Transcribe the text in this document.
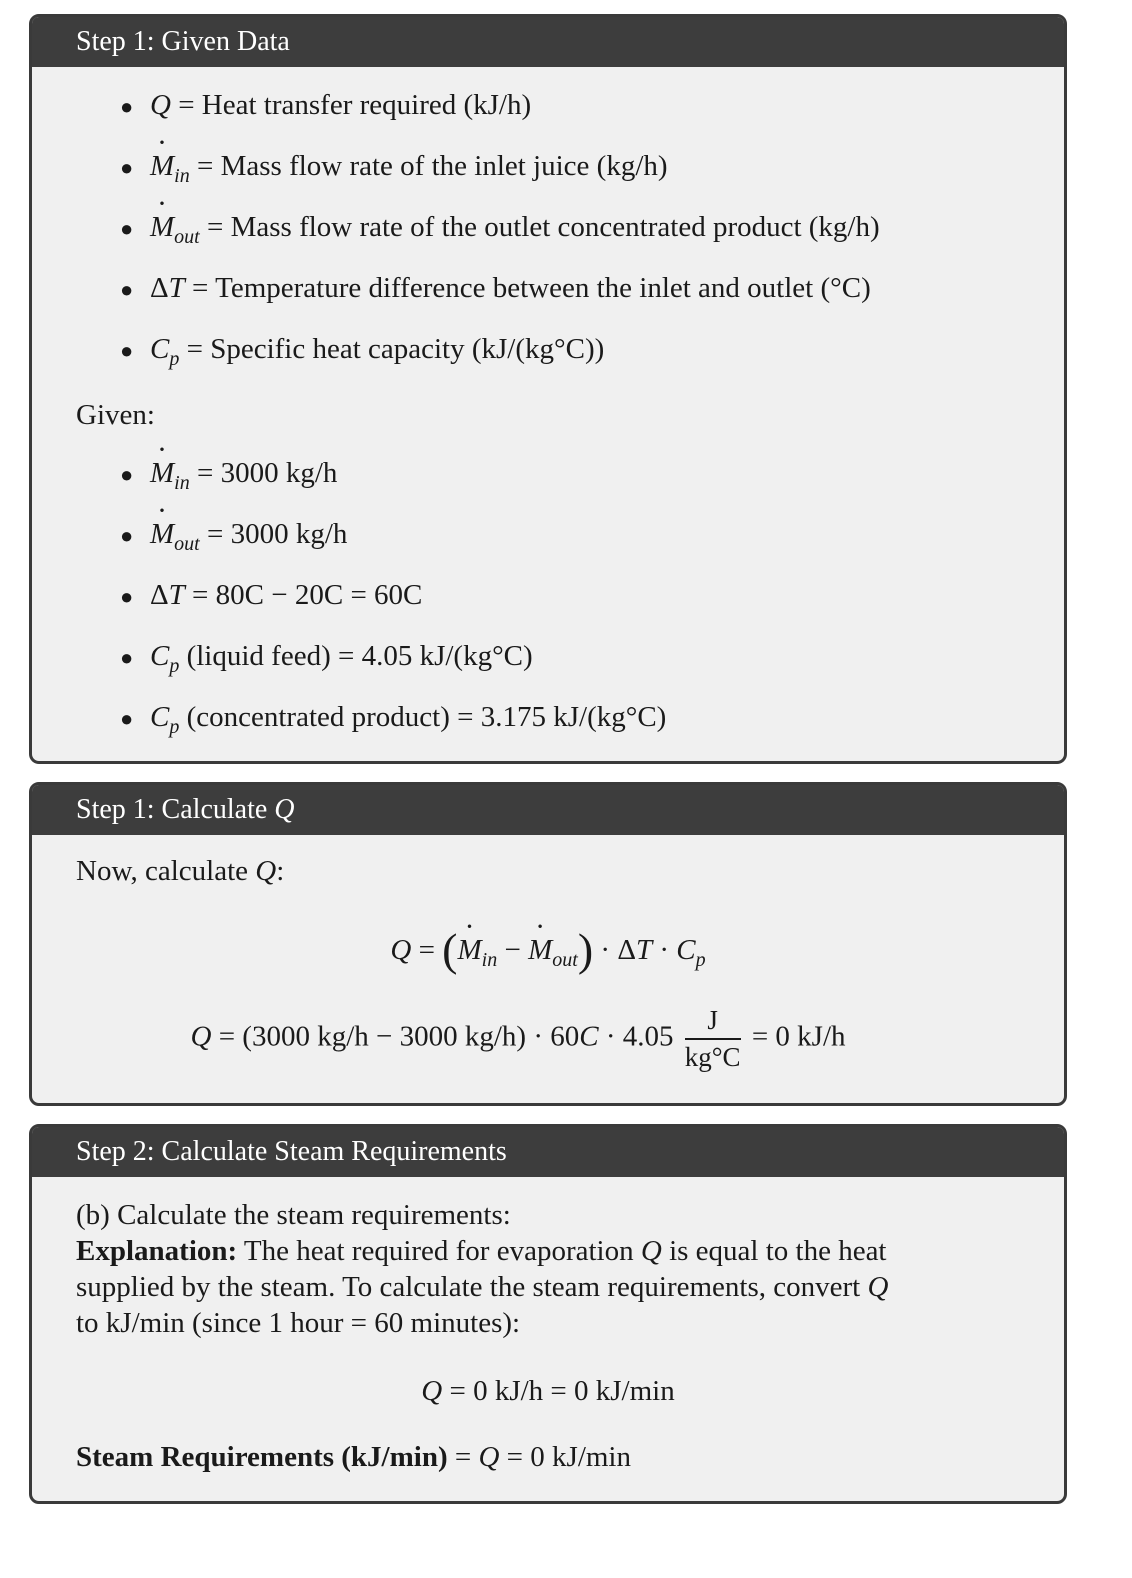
Step 1: Given Data
Given:
● Q = Heat transfer required (kJ/h)
● · $M_{in}$ = Mass flow rate of the inlet juice (kg/h)
● · $M_{out}$ = Mass flow rate of the outlet concentrated product (kg/h)
● ΔT = Temperature difference between the inlet and outlet (°C)
● $C_p$ = Specific heat capacity (kJ/(kg°C))
● · $M_{in} = 3000$ kg/h
● · $M_{out} = 3000$ kg/h
● ΔT = 80C − 20C = 60C
● $C_p$ (liquid feed) = 4.05 kJ/(kg°C)
● $C_p$ (concentrated product) = 3.175 kJ/(kg°C)
Step 1: Calculate Q
Now, calculate Q:
Q = (· $M_{in}$ − · $M_{out}) \cdot \Delta T \cdot C_p$
Q = (3000 kg/h − 3000 $kg/h) \cdot 60C \cdot 4.05 \frac{J}{kg^\circ C} = 0$ kJ/h
Step 2: Calculate Steam Requirements
(b) Calculate the steam requirements:
Explanation: The heat required for evaporation Q is equal to the heat
supplied by the steam. To calculate the steam requirements, convert Q
to kJ/min (since 1 hour = 60 minutes):
Q = 0 kJ/h = 0 kJ/min
Steam Requirements (kJ/min) = Q = 0 kJ/min
